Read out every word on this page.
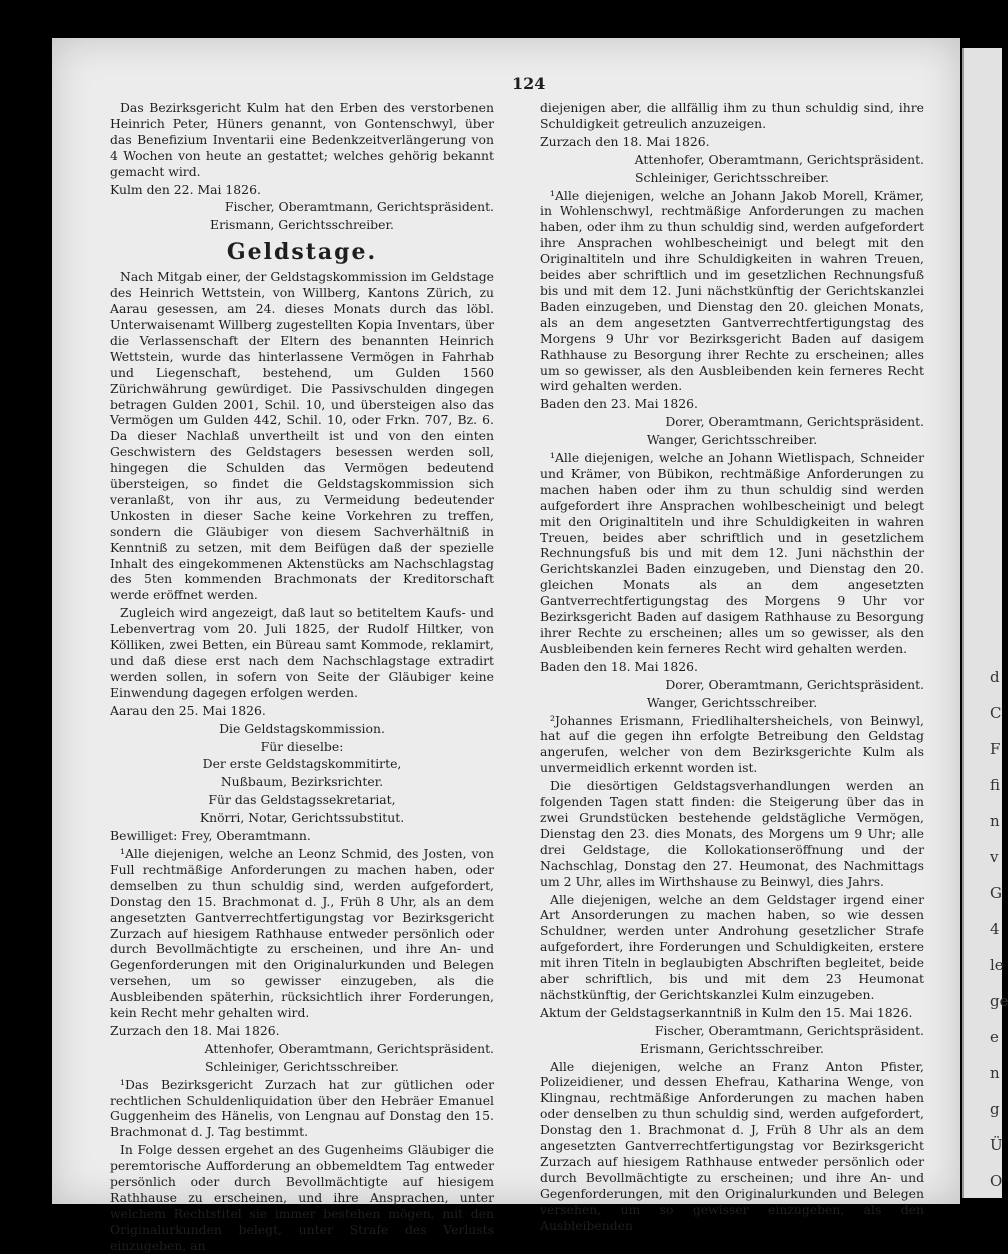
124

Das Bezirksgericht Kulm hat den Erben des verstorbenen Heinrich Peter, Hüners genannt, von Gontenschwyl, über das Benefizium Inventarii eine Bedenkzeitverlängerung von 4 Wochen von heute an gestattet; welches gehörig bekannt gemacht wird.

Kulm den 22. Mai 1826.

Fischer, Oberamtmann, Gerichtspräsident.

Erismann, Gerichtsschreiber.

Geldstage.

Nach Mitgab einer, der Geldstagskommission im Geldstage des Heinrich Wettstein, von Willberg, Kantons Zürich, zu Aarau gesessen, am 24. dieses Monats durch das löbl. Unterwaisenamt Willberg zugestellten Kopia Inventars, über die Verlassenschaft der Eltern des benannten Heinrich Wettstein, wurde das hinterlassene Vermögen in Fahrhab und Liegenschaft, bestehend, um Gulden 1560 Zürichwährung gewürdiget. Die Passivschulden dingegen betragen Gulden 2001, Schil. 10, und übersteigen also das Vermögen um Gulden 442, Schil. 10, oder Frkn. 707, Bz. 6. Da dieser Nachlaß unvertheilt ist und von den einten Geschwistern des Geldstagers besessen werden soll, hingegen die Schulden das Vermögen bedeutend übersteigen, so findet die Geldstagskommission sich veranlaßt, von ihr aus, zu Vermeidung bedeutender Unkosten in dieser Sache keine Vorkehren zu treffen, sondern die Gläubiger von diesem Sachverhältniß in Kenntniß zu setzen, mit dem Beifügen daß der spezielle Inhalt des eingekommenen Aktenstücks am Nachschlagstag des 5ten kommenden Brachmonats der Kreditorschaft werde eröffnet werden.

Zugleich wird angezeigt, daß laut so betiteltem Kaufs- und Lebenvertrag vom 20. Juli 1825, der Rudolf Hiltker, von Kölliken, zwei Betten, ein Büreau samt Kommode, reklamirt, und daß diese erst nach dem Nachschlagstage extradirt werden sollen, in sofern von Seite der Gläubiger keine Einwendung dagegen erfolgen werden.

Aarau den 25. Mai 1826.

Die Geldstagskommission.

Für dieselbe:

Der erste Geldstagskommitirte,

Nußbaum, Bezirksrichter.

Für das Geldstagssekretariat,

Knörri, Notar, Gerichtssubstitut.

Bewilliget: Frey, Oberamtmann.

¹Alle diejenigen, welche an Leonz Schmid, des Josten, von Full rechtmäßige Anforderungen zu machen haben, oder demselben zu thun schuldig sind, werden aufgefordert, Donstag den 15. Brachmonat d. J., Früh 8 Uhr, als an dem angesetzten Gantverrechtfertigungstag vor Bezirksgericht Zurzach auf hiesigem Rathhause entweder persönlich oder durch Bevollmächtigte zu erscheinen, und ihre An- und Gegenforderungen mit den Originalurkunden und Belegen versehen, um so gewisser einzugeben, als die Ausbleibenden späterhin, rücksichtlich ihrer Forderungen, kein Recht mehr gehalten wird.

Zurzach den 18. Mai 1826.

Attenhofer, Oberamtmann, Gerichtspräsident.

Schleiniger, Gerichtsschreiber.

¹Das Bezirksgericht Zurzach hat zur gütlichen oder rechtlichen Schuldenliquidation über den Hebräer Emanuel Guggenheim des Hänelis, von Lengnau auf Donstag den 15. Brachmonat d. J. Tag bestimmt.

In Folge dessen ergehet an des Gugenheims Gläubiger die peremtorische Aufforderung an obbemeldtem Tag entweder persönlich oder durch Bevollmächtigte auf hiesigem Rathhause zu erscheinen, und ihre Ansprachen, unter welchem Rechtstitel sie immer bestehen mögen, mit den Originalurkunden belegt, unter Strafe des Verlusts einzugeben, an

diejenigen aber, die allfällig ihm zu thun schuldig sind, ihre Schuldigkeit getreulich anzuzeigen.

Zurzach den 18. Mai 1826.

Attenhofer, Oberamtmann, Gerichtspräsident.

Schleiniger, Gerichtsschreiber.

¹Alle diejenigen, welche an Johann Jakob Morell, Krämer, in Wohlenschwyl, rechtmäßige Anforderungen zu machen haben, oder ihm zu thun schuldig sind, werden aufgefordert ihre Ansprachen wohlbescheinigt und belegt mit den Originaltiteln und ihre Schuldigkeiten in wahren Treuen, beides aber schriftlich und im gesetzlichen Rechnungsfuß bis und mit dem 12. Juni nächstkünftig der Gerichtskanzlei Baden einzugeben, und Dienstag den 20. gleichen Monats, als an dem angesetzten Gantverrechtfertigungstag des Morgens 9 Uhr vor Bezirksgericht Baden auf dasigem Rathhause zu Besorgung ihrer Rechte zu erscheinen; alles um so gewisser, als den Ausbleibenden kein ferneres Recht wird gehalten werden.

Baden den 23. Mai 1826.

Dorer, Oberamtmann, Gerichtspräsident.

Wanger, Gerichtsschreiber.

¹Alle diejenigen, welche an Johann Wietlispach, Schneider und Krämer, von Bübikon, rechtmäßige Anforderungen zu machen haben oder ihm zu thun schuldig sind werden aufgefordert ihre Ansprachen wohlbescheinigt und belegt mit den Originaltiteln und ihre Schuldigkeiten in wahren Treuen, beides aber schriftlich und in gesetzlichem Rechnungsfuß bis und mit dem 12. Juni nächsthin der Gerichtskanzlei Baden einzugeben, und Dienstag den 20. gleichen Monats als an dem angesetzten Gantverrechtfertigungstag des Morgens 9 Uhr vor Bezirksgericht Baden auf dasigem Rathhause zu Besorgung ihrer Rechte zu erscheinen; alles um so gewisser, als den Ausbleibenden kein ferneres Recht wird gehalten werden.

Baden den 18. Mai 1826.

Dorer, Oberamtmann, Gerichtspräsident.

Wanger, Gerichtsschreiber.

²Johannes Erismann, Friedlihaltersheichels, von Beinwyl, hat auf die gegen ihn erfolgte Betreibung den Geldstag angerufen, welcher von dem Bezirksgerichte Kulm als unvermeidlich erkennt worden ist.

Die diesörtigen Geldstagsverhandlungen werden an folgenden Tagen statt finden: die Steigerung über das in zwei Grundstücken bestehende geldstägliche Vermögen, Dienstag den 23. dies Monats, des Morgens um 9 Uhr; alle drei Geldstage, die Kollokationseröffnung und der Nachschlag, Donstag den 27. Heumonat, des Nachmittags um 2 Uhr, alles im Wirthshause zu Beinwyl, dies Jahrs.

Alle diejenigen, welche an dem Geldstager irgend einer Art Ansorderungen zu machen haben, so wie dessen Schuldner, werden unter Androhung gesetzlicher Strafe aufgefordert, ihre Forderungen und Schuldigkeiten, erstere mit ihren Titeln in beglaubigten Abschriften begleitet, beide aber schriftlich, bis und mit dem 23 Heumonat nächstkünftig, der Gerichtskanzlei Kulm einzugeben.

Aktum der Geldstagserkanntniß in Kulm den 15. Mai 1826.

Fischer, Oberamtmann, Gerichtspräsident.

Erismann, Gerichtsschreiber.

Alle diejenigen, welche an Franz Anton Pfister, Polizeidiener, und dessen Ehefrau, Katharina Wenge, von Klingnau, rechtmäßige Anforderungen zu machen haben oder denselben zu thun schuldig sind, werden aufgefordert, Donstag den 1. Brachmonat d. J, Früh 8 Uhr als an dem angesetzten Gantverrechtfertigungstag vor Bezirksgericht Zurzach auf hiesigem Rathhause entweder persönlich oder durch Bevollmächtigte zu erscheinen; und ihre An- und Gegenforderungen, mit den Originalurkunden und Belegen versehen, um so gewisser einzugeben, als den Ausbleibenden

d
C
F
fi
n
v
G
4
le
ge
e
n
g
Ü
O
